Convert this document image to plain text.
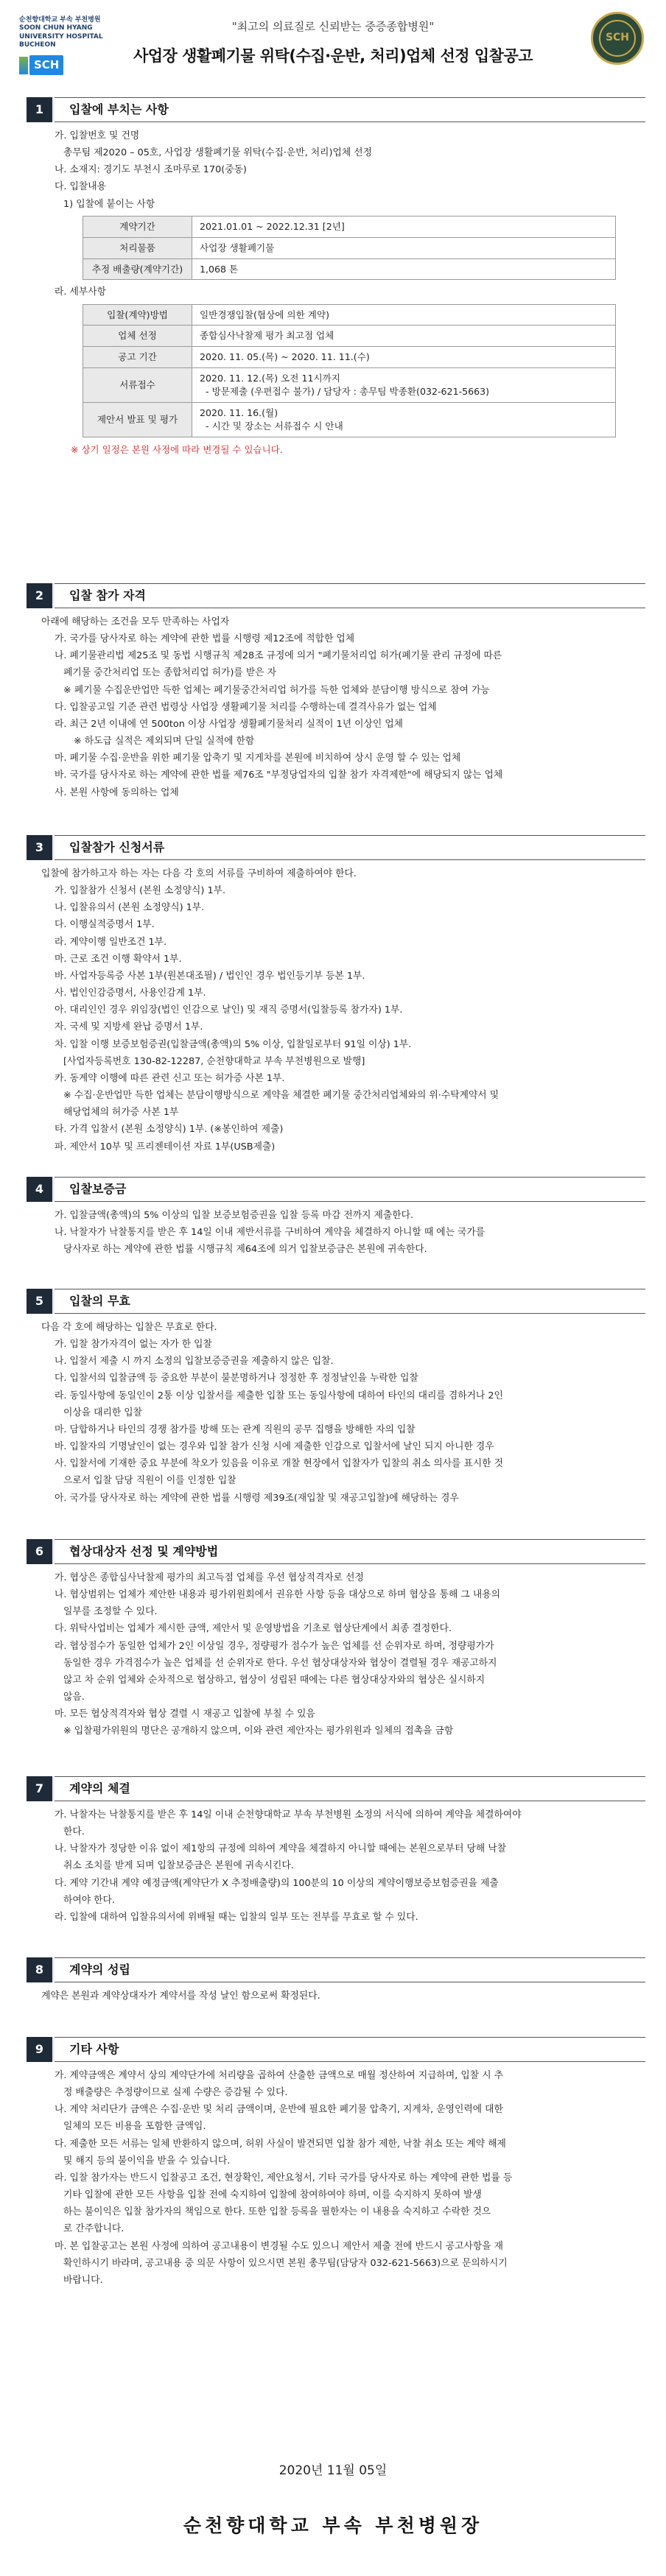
순천향대학교 부속 부천병원
SOON CHUN HYANG
UNIVERSITY HOSPITAL
BUCHEON
SCH
"최고의 의료질로 신뢰받는 중증종합병원"
사업장 생활폐기물 위탁(수집·운반, 처리)업체 선정 입찰공고
SCH
1	입찰에 부치는 사항
가. 입찰번호 및 건명
총무팀 제2020 – 05호, 사업장 생활폐기물 위탁(수집·운반, 처리)업체 선정
나. 소재지: 경기도 부천시 조마루로 170(중동)
다. 입찰내용
1) 입찰에 붙이는 사항
계약기간	2021.01.01 ~ 2022.12.31 [2년]
처리물품	사업장 생활폐기물
추정 배출량(계약기간)	1,068 톤
라. 세부사항
입찰(계약)방법	일반경쟁입찰(협상에 의한 계약)
업체 선정	종합심사낙찰제 평가 최고점 업체
공고 기간	2020. 11. 05.(목) ~ 2020. 11. 11.(수)
서류접수	2020. 11. 12.(목) 오전 11시까지
- 방문제출 (우편접수 불가) / 담당자 : 총무팀 박종환(032-621-5663)
제안서 발표 및 평가	2020. 11. 16.(월)
- 시간 및 장소는 서류접수 시 안내
※ 상기 일정은 본원 사정에 따라 변경될 수 있습니다.
2	입찰 참가 자격
아래에 해당하는 조건을 모두 만족하는 사업자
가. 국가를 당사자로 하는 계약에 관한 법률 시행령 제12조에 적합한 업체
나. 폐기물관리법 제25조 및 동법 시행규칙 제28조 규정에 의거 "폐기물처리업 허가(폐기물 관리 규정에 따른
폐기물 중간처리업 또는 종합처리업 허가)를 받은 자
※ 폐기물 수집운반업만 득한 업체는 폐기물중간처리업 허가를 득한 업체와 분담이행 방식으로 참여 가능
다. 입찰공고일 기준 관련 법령상 사업장 생활폐기물 처리를 수행하는데 결격사유가 없는 업체
라. 최근 2년 이내에 연 500ton 이상 사업장 생활폐기물처리 실적이 1년 이상인 업체
※ 하도급 실적은 제외되며 단일 실적에 한함
마. 폐기물 수집·운반을 위한 폐기물 압축기 및 지게차를 본원에 비치하여 상시 운영 할 수 있는 업체
바. 국가를 당사자로 하는 계약에 관한 법률 제76조 "부정당업자의 입찰 참가 자격제한"에 해당되지 않는 업체
사. 본원 사항에 동의하는 업체
3	입찰참가 신청서류
입찰에 참가하고자 하는 자는 다음 각 호의 서류를 구비하여 제출하여야 한다.
가. 입찰참가 신청서 (본원 소정양식) 1부.
나. 입찰유의서 (본원 소정양식) 1부.
다. 이행실적증명서 1부.
라. 계약이행 일반조건 1부.
마. 근로 조건 이행 확약서 1부.
바. 사업자등록증 사본 1부(원본대조필) / 법인인 경우 법인등기부 등본 1부.
사. 법인인감증명서, 사용인감계 1부.
아. 대리인인 경우 위임장(법인 인감으로 날인) 및 재직 증명서(입찰등록 참가자) 1부.
자. 국세 및 지방세 완납 증명서 1부.
차. 입찰 이행 보증보험증권(입찰금액(총액)의 5% 이상, 입찰일로부터 91일 이상) 1부.
[사업자등록번호 130-82-12287, 순천향대학교 부속 부천병원으로 발행]
카. 동계약 이행에 따른 관련 신고 또는 허가증 사본 1부.
※ 수집·운반업만 득한 업체는 분담이행방식으로 계약을 체결한 폐기물 중간처리업체와의 위·수탁계약서 및
해당업체의 허가증 사본 1부
타. 가격 입찰서 (본원 소정양식) 1부. (※봉인하여 제출)
파. 제안서 10부 및 프리젠테이션 자료 1부(USB제출)
4	입찰보증금
가. 입찰금액(총액)의 5% 이상의 입찰 보증보험증권을 입찰 등록 마감 전까지 제출한다.
나. 낙찰자가 낙찰통지를 받은 후 14일 이내 제반서류를 구비하여 계약을 체결하지 아니할 때 에는 국가를
당사자로 하는 계약에 관한 법률 시행규칙 제64조에 의거 입찰보증금은 본원에 귀속한다.
5	입찰의 무효
다음 각 호에 해당하는 입찰은 무효로 한다.
가. 입찰 참가자격이 없는 자가 한 입찰
나. 입찰서 제출 시 까지 소정의 입찰보증증권을 제출하지 않은 입찰.
다. 입찰서의 입찰금액 등 중요한 부분이 불분명하거나 정정한 후 정정날인을 누락한 입찰
라. 동일사항에 동일인이 2통 이상 입찰서를 제출한 입찰 또는 동일사항에 대하여 타인의 대리를 겸하거나 2인
이상을 대리한 입찰
마. 담합하거나 타인의 경쟁 참가를 방해 또는 관계 직원의 공무 집행을 방해한 자의 입찰
바. 입찰자의 기명날인이 없는 경우와 입찰 참가 신청 시에 제출한 인감으로 입찰서에 날인 되지 아니한 경우
사. 입찰서에 기재한 중요 부분에 착오가 있음을 이유로 개찰 현장에서 입찰자가 입찰의 취소 의사를 표시한 것
으로서 입찰 담당 직원이 이를 인정한 입찰
아. 국가를 당사자로 하는 계약에 관한 법률 시행령 제39조(재입찰 및 재공고입찰)에 해당하는 경우
6	협상대상자 선정 및 계약방법
가. 협상은 종합심사낙찰제 평가의 최고득점 업체를 우선 협상적격자로 선정
나. 협상범위는 업체가 제안한 내용과 평가위원회에서 권유한 사항 등을 대상으로 하며 협상을 통해 그 내용의
일부를 조정할 수 있다.
다. 위탁사업비는 업체가 제시한 금액, 제안서 및 운영방법을 기초로 협상단계에서 최종 결정한다.
라. 협상점수가 동일한 업체가 2인 이상일 경우, 정량평가 점수가 높은 업체를 선 순위자로 하며, 정량평가가
동일한 경우 가격점수가 높은 업체를 선 순위자로 한다. 우선 협상대상자와 협상이 결렬될 경우 재공고하지
않고 차 순위 업체와 순차적으로 협상하고, 협상이 성립된 때에는 다른 협상대상자와의 협상은 실시하지
않음.
마. 모든 협상적격자와 협상 결렬 시 재공고 입찰에 부칠 수 있음
※ 입찰평가위원의 명단은 공개하지 않으며, 이와 관련 제안자는 평가위원과 일체의 접촉을 금함
7	계약의 체결
가. 낙찰자는 낙찰통지를 받은 후 14일 이내 순천향대학교 부속 부천병원 소정의 서식에 의하여 계약을 체결하여야
한다.
나. 낙찰자가 정당한 이유 없이 제1항의 규정에 의하여 계약을 체결하지 아니할 때에는 본원으로부터 당해 낙찰
취소 조치를 받게 되며 입찰보증금은 본원에 귀속시킨다.
다. 계약 기간내 계약 예정금액(계약단가 X 추정배출량)의 100분의 10 이상의 계약이행보증보험증권을 제출
하여야 한다.
라. 입찰에 대하여 입찰유의서에 위배될 때는 입찰의 일부 또는 전부를 무효로 할 수 있다.
8	계약의 성립
계약은 본원과 계약상대자가 계약서를 작성 날인 함으로써 확정된다.
9	기타 사항
가. 계약금액은 계약서 상의 계약단가에 처리량을 곱하여 산출한 금액으로 매월 정산하여 지급하며, 입찰 시 추
정 배출량은 추정량이므로 실제 수량은 증감될 수 있다.
나. 계약 처리단가 금액은 수집·운반 및 처리 금액이며, 운반에 필요한 폐기물 압축기, 지게차, 운영인력에 대한
일체의 모든 비용을 포함한 금액임.
다. 제출한 모든 서류는 일체 반환하지 않으며, 허위 사실이 발견되면 입찰 참가 제한, 낙찰 취소 또는 계약 해제
및 해지 등의 불이익을 받을 수 있습니다.
라. 입찰 참가자는 반드시 입찰공고 조건, 현장확인, 제안요청서, 기타 국가를 당사자로 하는 계약에 관한 법률 등
기타 입찰에 관한 모든 사항을 입찰 전에 숙지하여 입찰에 참여하여야 하며, 이를 숙지하지 못하여 발생
하는 불이익은 입찰 참가자의 책임으로 한다. 또한 입찰 등록을 필한자는 이 내용을 숙지하고 수락한 것으
로 간주합니다.
마. 본 입찰공고는 본원 사정에 의하여 공고내용이 변경될 수도 있으니 제안서 제출 전에 반드시 공고사항을 재
확인하시기 바라며, 공고내용 중 의문 사항이 있으시면 본원 총무팀(담당자 032-621-5663)으로 문의하시기
바랍니다.
2020년 11월 05일
순천향대학교 부속 부천병원장
